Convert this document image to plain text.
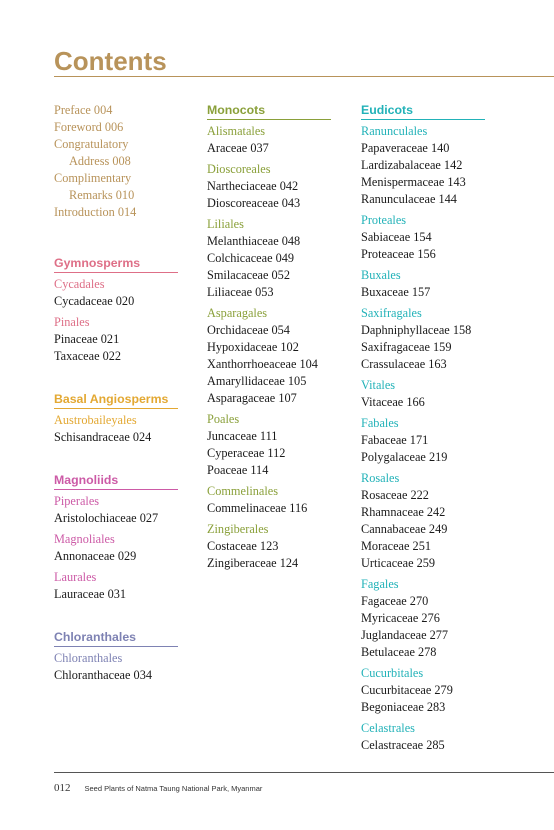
Contents
Preface 004
Foreword 006
Congratulatory
Address 008
Complimentary
Remarks 010
Introduction 014
Gymnosperms
Cycadales
Cycadaceae 020
Pinales
Pinaceae 021
Taxaceae 022
Basal Angiosperms
Austrobaileyales
Schisandraceae 024
Magnoliids
Piperales
Aristolochiaceae 027
Magnoliales
Annonaceae 029
Laurales
Lauraceae 031
Chloranthales
Chloranthales
Chloranthaceae 034
Monocots
Alismatales
Araceae 037
Dioscoreales
Nartheciaceae 042
Dioscoreaceae 043
Liliales
Melanthiaceae 048
Colchicaceae 049
Smilacaceae 052
Liliaceae 053
Asparagales
Orchidaceae 054
Hypoxidaceae 102
Xanthorrhoeaceae 104
Amaryllidaceae 105
Asparagaceae 107
Poales
Juncaceae 111
Cyperaceae 112
Poaceae 114
Commelinales
Commelinaceae 116
Zingiberales
Costaceae 123
Zingiberaceae 124
Eudicots
Ranunculales
Papaveraceae 140
Lardizabalaceae 142
Menispermaceae 143
Ranunculaceae 144
Proteales
Sabiaceae 154
Proteaceae 156
Buxales
Buxaceae 157
Saxifragales
Daphniphyllaceae 158
Saxifragaceae 159
Crassulaceae 163
Vitales
Vitaceae 166
Fabales
Fabaceae 171
Polygalaceae 219
Rosales
Rosaceae 222
Rhamnaceae 242
Cannabaceae 249
Moraceae 251
Urticaceae 259
Fagales
Fagaceae 270
Myricaceae 276
Juglandaceae 277
Betulaceae 278
Cucurbitales
Cucurbitaceae 279
Begoniaceae 283
Celastrales
Celastraceae 285
012 Seed Plants of Natma Taung National Park, Myanmar
